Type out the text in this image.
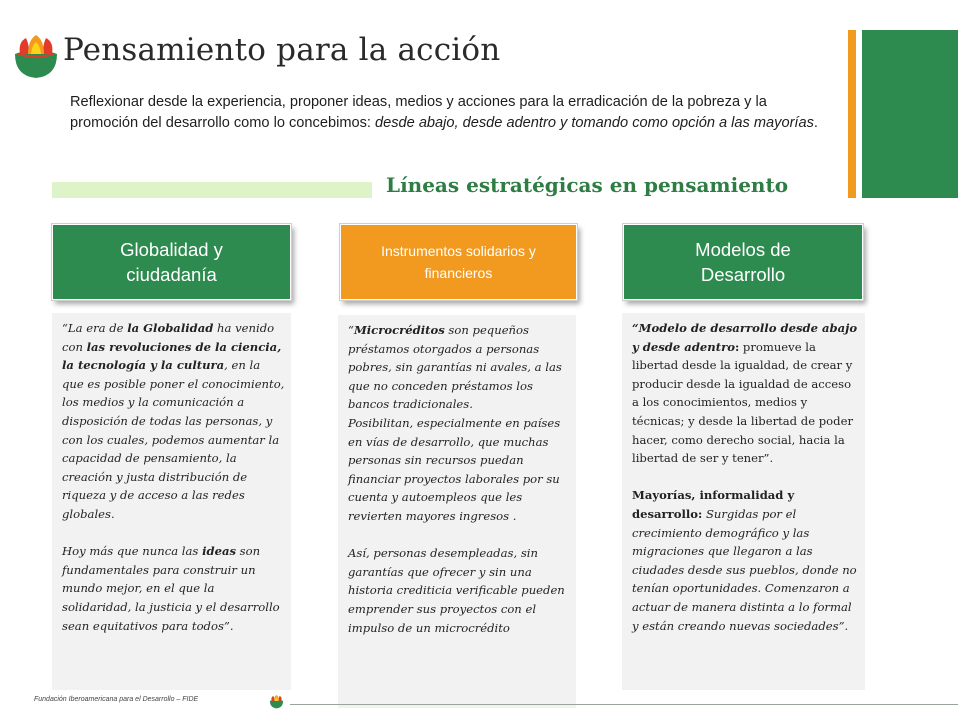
Pensamiento para la acción
Reflexionar desde la experiencia, proponer ideas, medios y acciones para la erradicación de la pobreza y la promoción del desarrollo como lo concebimos: desde abajo, desde adentro y tomando como opción a las mayorías.
Líneas estratégicas en pensamiento
Globalidad y ciudadanía
Instrumentos solidarios y financieros
Modelos de Desarrollo

“La era de la Globalidad ha venido con las revoluciones de la ciencia, la tecnología y la cultura, en la que es posible poner el conocimiento, los medios y la comunicación a disposición de todas las personas, y con los cuales, podemos aumentar la capacidad de pensamiento, la creación y justa distribución de riqueza y de acceso a las redes globales.

Hoy más que nunca las ideas son fundamentales para construir un mundo mejor, en el que la solidaridad, la justicia y el desarrollo sean equitativos para todos”.

“Microcréditos son pequeños préstamos otorgados a personas pobres, sin garantías ni avales, a las que no conceden préstamos los bancos tradicionales.

Posibilitan, especialmente en países en vías de desarrollo, que muchas personas sin recursos puedan financiar proyectos laborales por su cuenta y autoempleos que les revierten mayores ingresos .

Así, personas desempleadas, sin garantías que ofrecer y sin una historia crediticia verificable pueden emprender sus proyectos con el impulso de un microcrédito

“Modelo de desarrollo desde abajo y desde adentro: promueve la libertad desde la igualdad, de crear y producir desde la igualdad de acceso a los conocimientos, medios y técnicas; y desde la libertad de poder hacer, como derecho social, hacia la libertad de ser y tener”.

Mayorías, informalidad y desarrollo: Surgidas por el crecimiento demográfico y las migraciones que llegaron a las ciudades desde sus pueblos, donde no tenían oportunidades. Comenzaron a actuar de manera distinta a lo formal y están creando nuevas sociedades”.

Fundación Iberoamericana para el Desarrollo – FIDE
